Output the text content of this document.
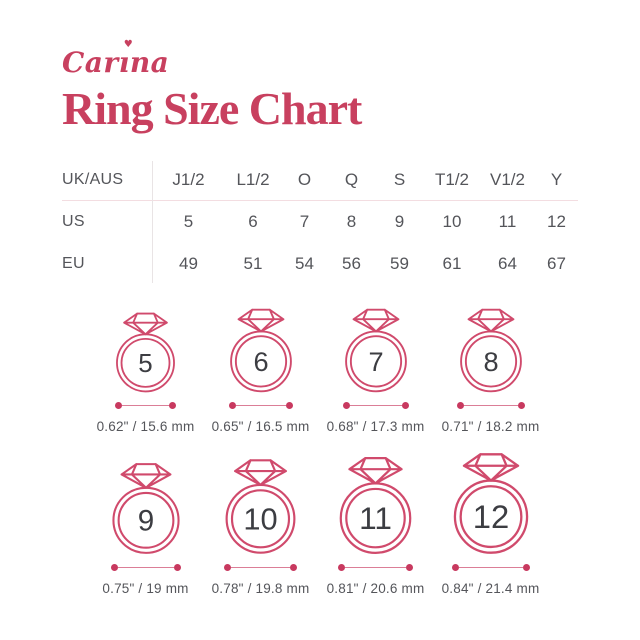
Car ı
♥
na
Ring Size Chart
UK/AUS	J1/2	L1/2	O	Q	S	T1/2	V1/2	Y
US	5	6	7	8	9	10	11	12
EU	49	51	54	56	59	61	64	67
5
0.62" / 15.6 mm
6
0.65" / 16.5 mm
7
0.68" / 17.3 mm
8
0.71" / 18.2 mm
9
0.75" / 19 mm
10
0.78" / 19.8 mm
11
0.81" / 20.6 mm
12
0.84" / 21.4 mm
